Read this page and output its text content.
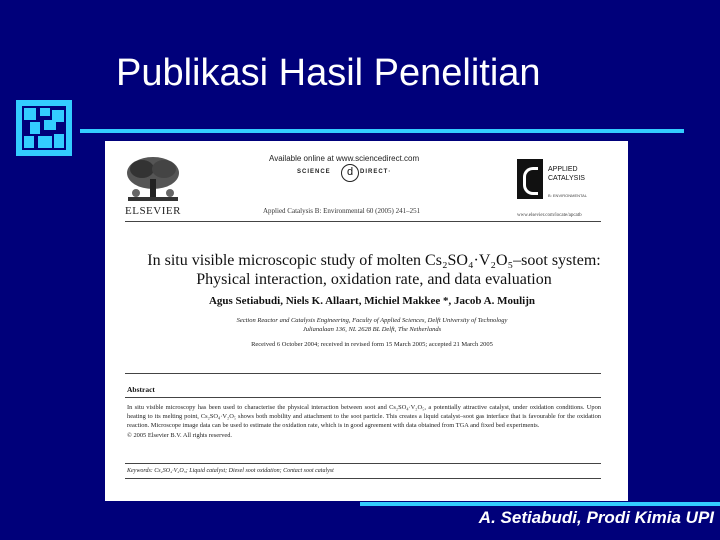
Publikasi Hasil Penelitian
ELSEVIER
Available online at www.sciencedirect.com
SCIENCE	DIRECT·
d
Applied Catalysis B: Environmental 60 (2005) 241–251
APPLIED
CATALYSIS
B: ENVIRONMENTAL
www.elsevier.com/locate/apcatb
In situ visible microscopic study of molten Cs₂SO₄·V₂O₅–soot system:
Physical interaction, oxidation rate, and data evaluation
Agus Setiabudi, Niels K. Allaart, Michiel Makkee *, Jacob A. Moulijn
Section Reactor and Catalysis Engineering, Faculty of Applied Sciences, Delft University of Technology
Julianalaan 136, NL 2628 BL Delft, The Netherlands
Received 6 October 2004; received in revised form 15 March 2005; accepted 21 March 2005
Abstract
In situ visible microscopy has been used to characterise the physical interaction between soot and Cs₂SO₄·V₂O₅, a potentially attractive catalyst, under oxidation conditions. Upon heating to its melting point, Cs₂SO₄·V₂O₅ shows both mobility and attachment to the soot particle. This creates a liquid catalyst–soot gas interface that is favourable for the oxidation reaction. Microscope image data can be used to estimate the oxidation rate, which is in good agreement with data obtained from TGA and fixed bed experiments.
© 2005 Elsevier B.V. All rights reserved.
Keywords: Cs₂SO₄·V₂O₅; Liquid catalyst; Diesel soot oxidation; Contact soot catalyst
A. Setiabudi, Prodi Kimia UPI
